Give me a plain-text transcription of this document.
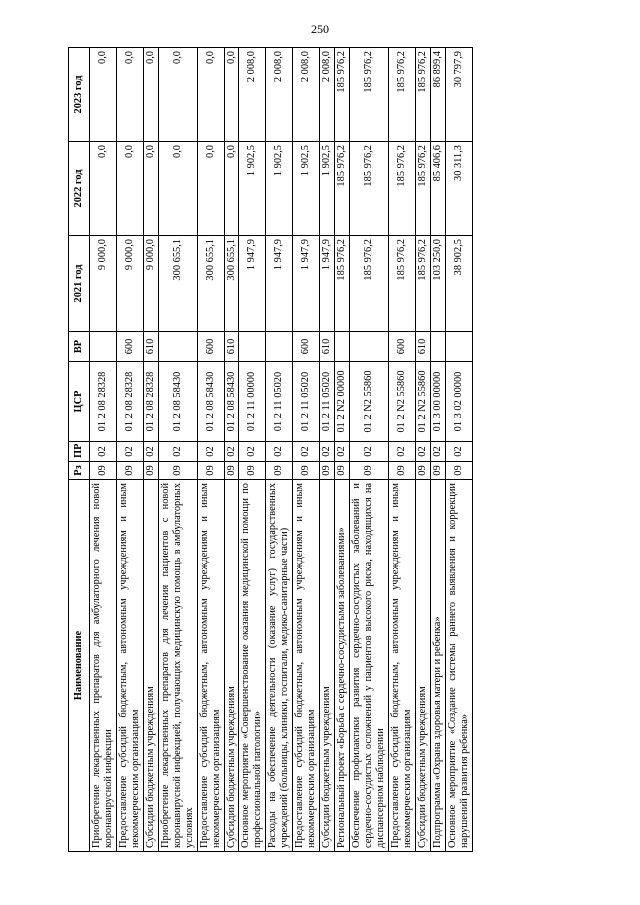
250
Наименование	Рз	ПР	ЦСР	ВР	2021 год	2022 год	2023 год
Приобретение лекарственных препаратов для амбулаторного лечения новой коронавирусной инфекции	09	02	01 2 08 28328		9 000,0	0,0	0,0
Предоставление субсидий бюджетным, автономным учреждениям и иным некоммерческим организациям	09	02	01 2 08 28328	600	9 000,0	0,0	0,0
Субсидии бюджетным учреждениям	09	02	01 2 08 28328	610	9 000,0	0,0	0,0
Приобретение лекарственных препаратов для лечения пациентов с новой коронавирусной инфекцией, получающих медицинскую помощь в амбулаторных условиях	09	02	01 2 08 58430		300 655,1	0,0	0,0
Предоставление субсидий бюджетным, автономным учреждениям и иным некоммерческим организациям	09	02	01 2 08 58430	600	300 655,1	0,0	0,0
Субсидии бюджетным учреждениям	09	02	01 2 08 58430	610	300 655,1	0,0	0,0
Основное мероприятие «Совершенствование оказания медицинской помощи по профессиональной патологии»	09	02	01 2 11 00000		1 947,9	1 902,5	2 008,0
Расходы на обеспечение деятельности (оказание услуг) государственных учреждений (больницы, клиники, госпитали, медико-санитарные части)	09	02	01 2 11 05020		1 947,9	1 902,5	2 008,0
Предоставление субсидий бюджетным, автономным учреждениям и иным некоммерческим организациям	09	02	01 2 11 05020	600	1 947,9	1 902,5	2 008,0
Субсидии бюджетным учреждениям	09	02	01 2 11 05020	610	1 947,9	1 902,5	2 008,0
Региональный проект «Борьба с сердечно-сосудистыми заболеваниями»	09	02	01 2 N2 00000		185 976,2	185 976,2	185 976,2
Обеспечение профилактики развития сердечно-сосудистых заболеваний и сердечно-сосудистых осложнений у пациентов высокого риска, находящихся на диспансерном наблюдении	09	02	01 2 N2 55860		185 976,2	185 976,2	185 976,2
Предоставление субсидий бюджетным, автономным учреждениям и иным некоммерческим организациям	09	02	01 2 N2 55860	600	185 976,2	185 976,2	185 976,2
Субсидии бюджетным учреждениям	09	02	01 2 N2 55860	610	185 976,2	185 976,2	185 976,2
Подпрограмма «Охрана здоровья матери и ребенка»	09	02	01 3 00 00000		103 250,0	85 406,6	86 899,4
Основное мероприятие «Создание системы раннего выявления и коррекции нарушений развития ребенка»	09	02	01 3 02 00000		38 902,5	30 311,3	30 797,9
